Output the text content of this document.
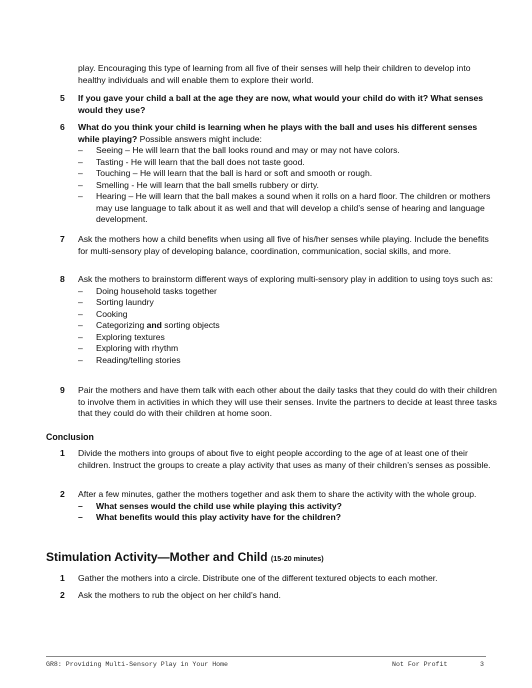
play. Encouraging this type of learning from all five of their senses will help their children to develop into healthy individuals and will enable them to explore their world.
5 If you gave your child a ball at the age they are now, what would your child do with it? What senses would they use?
6 What do you think your child is learning when he plays with the ball and uses his different senses while playing? Possible answers might include:
– Seeing – He will learn that the ball looks round and may or may not have colors.
– Tasting - He will learn that the ball does not taste good.
– Touching – He will learn that the ball is hard or soft and smooth or rough.
– Smelling - He will learn that the ball smells rubbery or dirty.
– Hearing – He will learn that the ball makes a sound when it rolls on a hard floor. The children or mothers may use language to talk about it as well and that will develop a child’s sense of hearing and language development.
7 Ask the mothers how a child benefits when using all five of his/her senses while playing. Include the benefits for multi-sensory play of developing balance, coordination, communication, social skills, and more.
8 Ask the mothers to brainstorm different ways of exploring multi-sensory play in addition to using toys such as:
– Doing household tasks together
– Sorting laundry
– Cooking
– Categorizing and sorting objects
– Exploring textures
– Exploring with rhythm
– Reading/telling stories
9 Pair the mothers and have them talk with each other about the daily tasks that they could do with their children to involve them in activities in which they will use their senses. Invite the partners to decide at least three tasks that they could do with their children at home soon.
Conclusion
1 Divide the mothers into groups of about five to eight people according to the age of at least one of their children. Instruct the groups to create a play activity that uses as many of their children’s senses as possible.
2 After a few minutes, gather the mothers together and ask them to share the activity with the whole group.
– What senses would the child use while playing this activity?
– What benefits would this play activity have for the children?
Stimulation Activity—Mother and Child (15-20 minutes)
1 Gather the mothers into a circle. Distribute one of the different textured objects to each mother.
2 Ask the mothers to rub the object on her child’s hand.
GR8: Providing Multi-Sensory Play in Your Home	Not For Profit	3
